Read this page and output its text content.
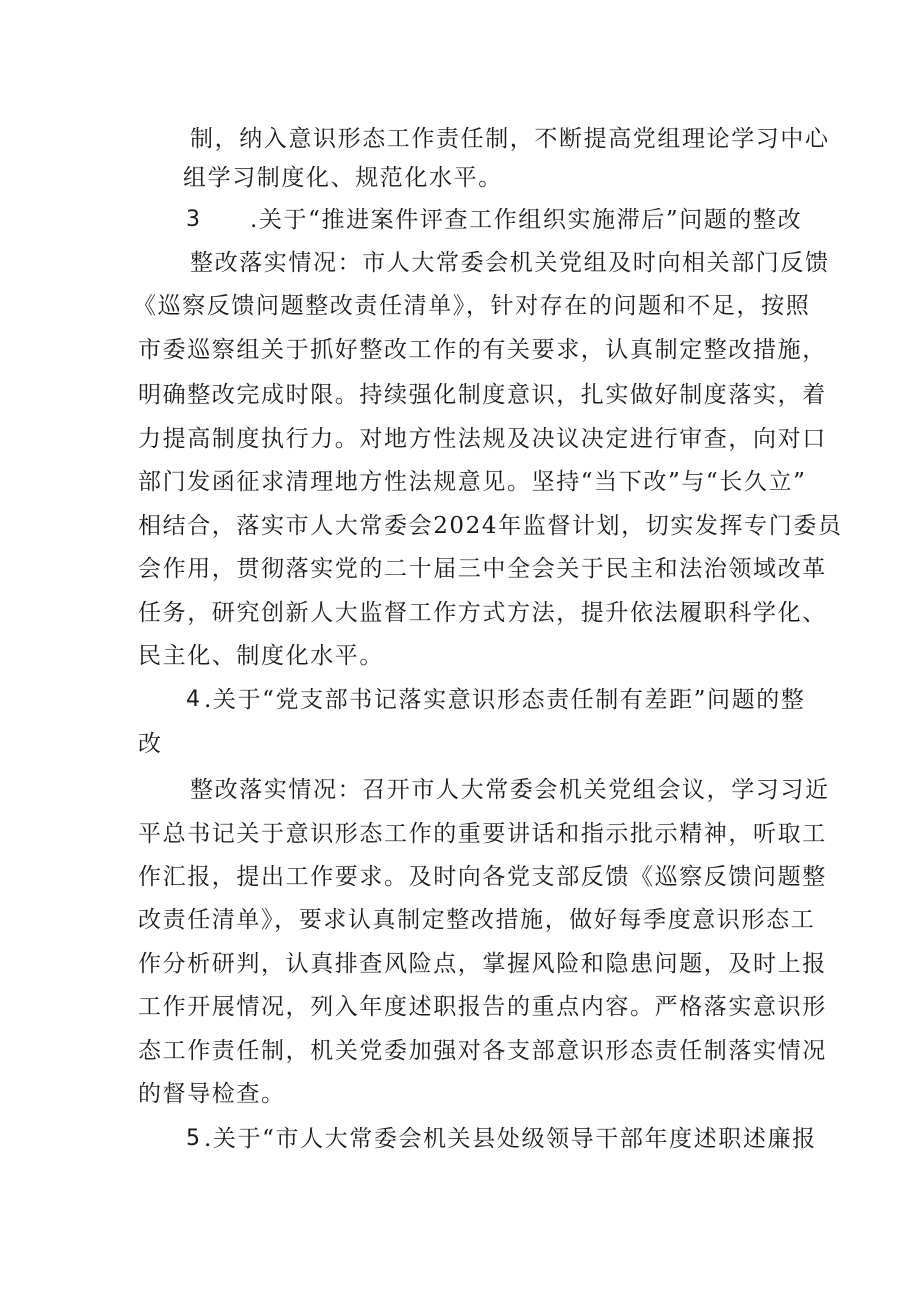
制，纳入意识形态工作责任制，不断提高党组理论学习中心
组学习制度化、规范化水平。
3 .关于“推进案件评查工作组织实施滞后”问题的整改
整改落实情况：市人大常委会机关党组及时向相关部门反馈
《巡察反馈问题整改责任清单》，针对存在的问题和不足，按照
市委巡察组关于抓好整改工作的有关要求，认真制定整改措施，
明确整改完成时限。持续强化制度意识，扎实做好制度落实，着
力提高制度执行力。对地方性法规及决议决定进行审查，向对口
部门发函征求清理地方性法规意见。坚持“当下改”与“长久立”
相结合，落实市人大常委会2024年监督计划，切实发挥专门委员
会作用，贯彻落实党的二十届三中全会关于民主和法治领域改革
任务，研究创新人大监督工作方式方法，提升依法履职科学化、
民主化、制度化水平。
4 .关于“党支部书记落实意识形态责任制有差距”问题的整
改
整改落实情况：召开市人大常委会机关党组会议，学习习近
平总书记关于意识形态工作的重要讲话和指示批示精神，听取工
作汇报，提出工作要求。及时向各党支部反馈《巡察反馈问题整
改责任清单》，要求认真制定整改措施，做好每季度意识形态工
作分析研判，认真排查风险点，掌握风险和隐患问题，及时上报
工作开展情况，列入年度述职报告的重点内容。严格落实意识形
态工作责任制，机关党委加强对各支部意识形态责任制落实情况
的督导检查。
5 .关于“市人大常委会机关县处级领导干部年度述职述廉报
